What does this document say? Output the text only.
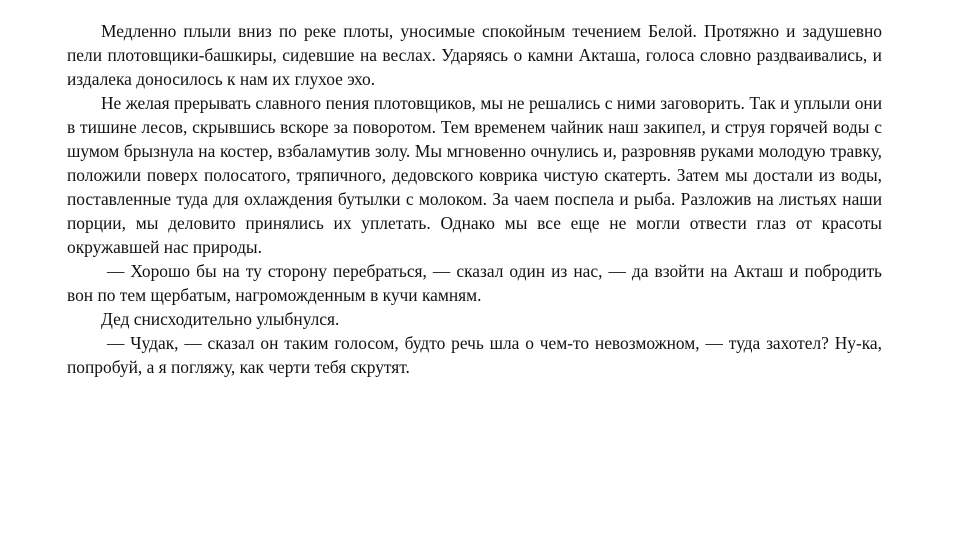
Медленно плыли вниз по реке плоты, уносимые спокойным течением Белой. Протяжно и задушевно пели плотовщики-башкиры, сидевшие на веслах. Ударяясь о камни Акташа, голоса словно раздваивались, и издалека доносилось к нам их глухое эхо.

Не желая прерывать славного пения плотовщиков, мы не решались с ними заговорить. Так и уплыли они в тишине лесов, скрывшись вскоре за поворотом. Тем временем чайник наш закипел, и струя горячей воды с шумом брызнула на костер, взбаламутив золу. Мы мгновенно очнулись и, разровняв руками молодую травку, положили поверх полосатого, тряпичного, дедовского коврика чистую скатерть. Затем мы достали из воды, поставленные туда для охлаждения бутылки с молоком. За чаем поспела и рыба. Разложив на листьях наши порции, мы деловито принялись их уплетать. Однако мы все еще не могли отвести глаз от красоты окружавшей нас природы.

— Хорошо бы на ту сторону перебраться, — сказал один из нас, — да взойти на Акташ и побродить вон по тем щербатым, нагроможденным в кучи камням.

Дед снисходительно улыбнулся.

— Чудак, — сказал он таким голосом, будто речь шла о чем-то невозможном, — туда захотел? Ну-ка, попробуй, а я погляжу, как черти тебя скрутят.
